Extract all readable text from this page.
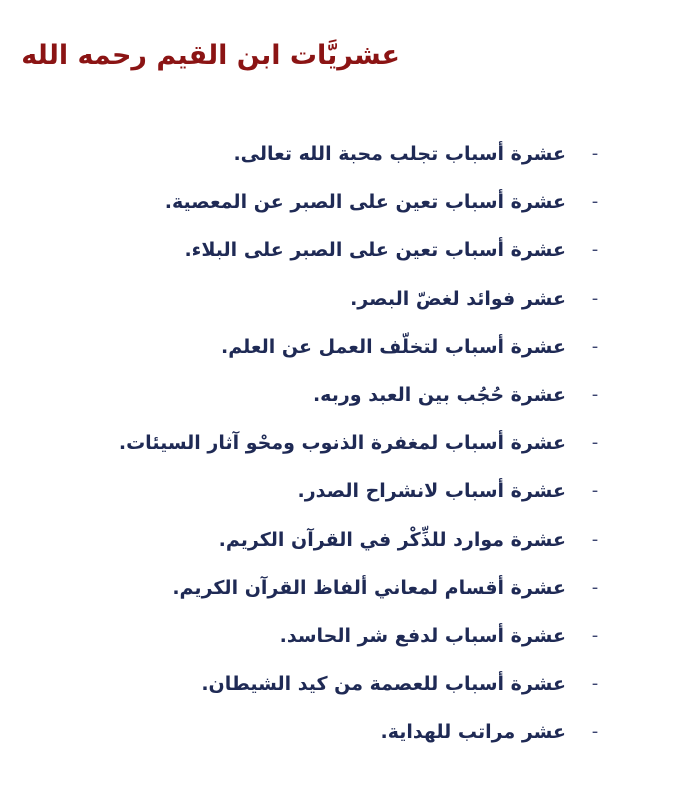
عشريَّات ابن القيم رحمه الله
-
عشرة أسباب تجلب محبة الله تعالى.
-
عشرة أسباب تعين على الصبر عن المعصية.
-
عشرة أسباب تعين على الصبر على البلاء.
-
عشر فوائد لغضّ البصر.
-
عشرة أسباب لتخلّف العمل عن العلم.
-
عشرة حُجُب بين العبد وربه.
-
عشرة أسباب لمغفرة الذنوب ومحْو آثار السيئات.
-
عشرة أسباب لانشراح الصدر.
-
عشرة موارد للذِّكْر في القرآن الكريم.
-
عشرة أقسام لمعاني ألفاظ القرآن الكريم.
-
عشرة أسباب لدفع شر الحاسد.
-
عشرة أسباب للعصمة من كيد الشيطان.
-
عشر مراتب للهداية.
